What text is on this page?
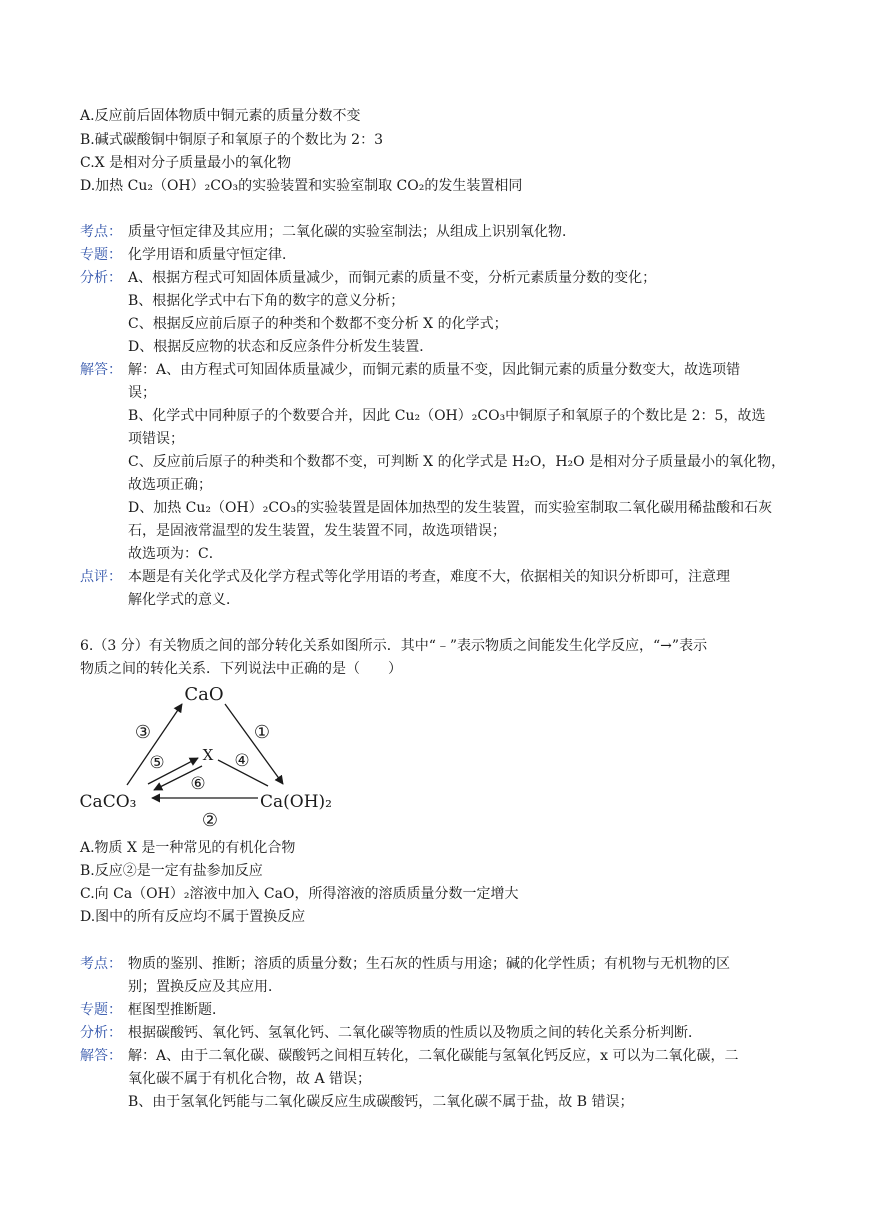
A.反应前后固体物质中铜元素的质量分数不变
B.碱式碳酸铜中铜原子和氧原子的个数比为 2：3
C.X 是相对分子质量最小的氧化物
D.加热 Cu₂（OH）₂CO₃的实验装置和实验室制取 CO₂的发生装置相同
考点： 质量守恒定律及其应用；二氧化碳的实验室制法；从组成上识别氧化物．
专题： 化学用语和质量守恒定律．
分析： A、根据方程式可知固体质量减少，而铜元素的质量不变，分析元素质量分数的变化；
B、根据化学式中右下角的数字的意义分析；
C、根据反应前后原子的种类和个数都不变分析 X 的化学式；
D、根据反应物的状态和反应条件分析发生装置．
解答： 解：A、由方程式可知固体质量减少，而铜元素的质量不变，因此铜元素的质量分数变大，故选项错
误；
B、化学式中同种原子的个数要合并，因此 Cu₂（OH）₂CO₃中铜原子和氧原子的个数比是 2：5，故选
项错误；
C、反应前后原子的种类和个数都不变，可判断 X 的化学式是 H₂O，H₂O 是相对分子质量最小的氧化物，
故选项正确；
D、加热 Cu₂（OH）₂CO₃的实验装置是固体加热型的发生装置，而实验室制取二氧化碳用稀盐酸和石灰
石，是固液常温型的发生装置，发生装置不同，故选项错误；
故选项为：C．
点评： 本题是有关化学式及化学方程式等化学用语的考查，难度不大，依据相关的知识分析即可，注意理
解化学式的意义．
6.（3 分）有关物质之间的部分转化关系如图所示．其中“﹣”表示物质之间能发生化学反应，“→”表示
物质之间的转化关系．下列说法中正确的是（　　）
CaO
X
CaCO₃	Ca(OH)₂
③	①
⑤
⑥
④
②
A.物质 X 是一种常见的有机化合物
B.反应②是一定有盐参加反应
C.向 Ca（OH）₂溶液中加入 CaO，所得溶液的溶质质量分数一定增大
D.图中的所有反应均不属于置换反应
考点： 物质的鉴别、推断；溶质的质量分数；生石灰的性质与用途；碱的化学性质；有机物与无机物的区
别；置换反应及其应用．
专题： 框图型推断题．
分析： 根据碳酸钙、氧化钙、氢氧化钙、二氧化碳等物质的性质以及物质之间的转化关系分析判断．
解答： 解：A、由于二氧化碳、碳酸钙之间相互转化，二氧化碳能与氢氧化钙反应，x 可以为二氧化碳，二
氧化碳不属于有机化合物，故 A 错误；
B、由于氢氧化钙能与二氧化碳反应生成碳酸钙，二氧化碳不属于盐，故 B 错误；
